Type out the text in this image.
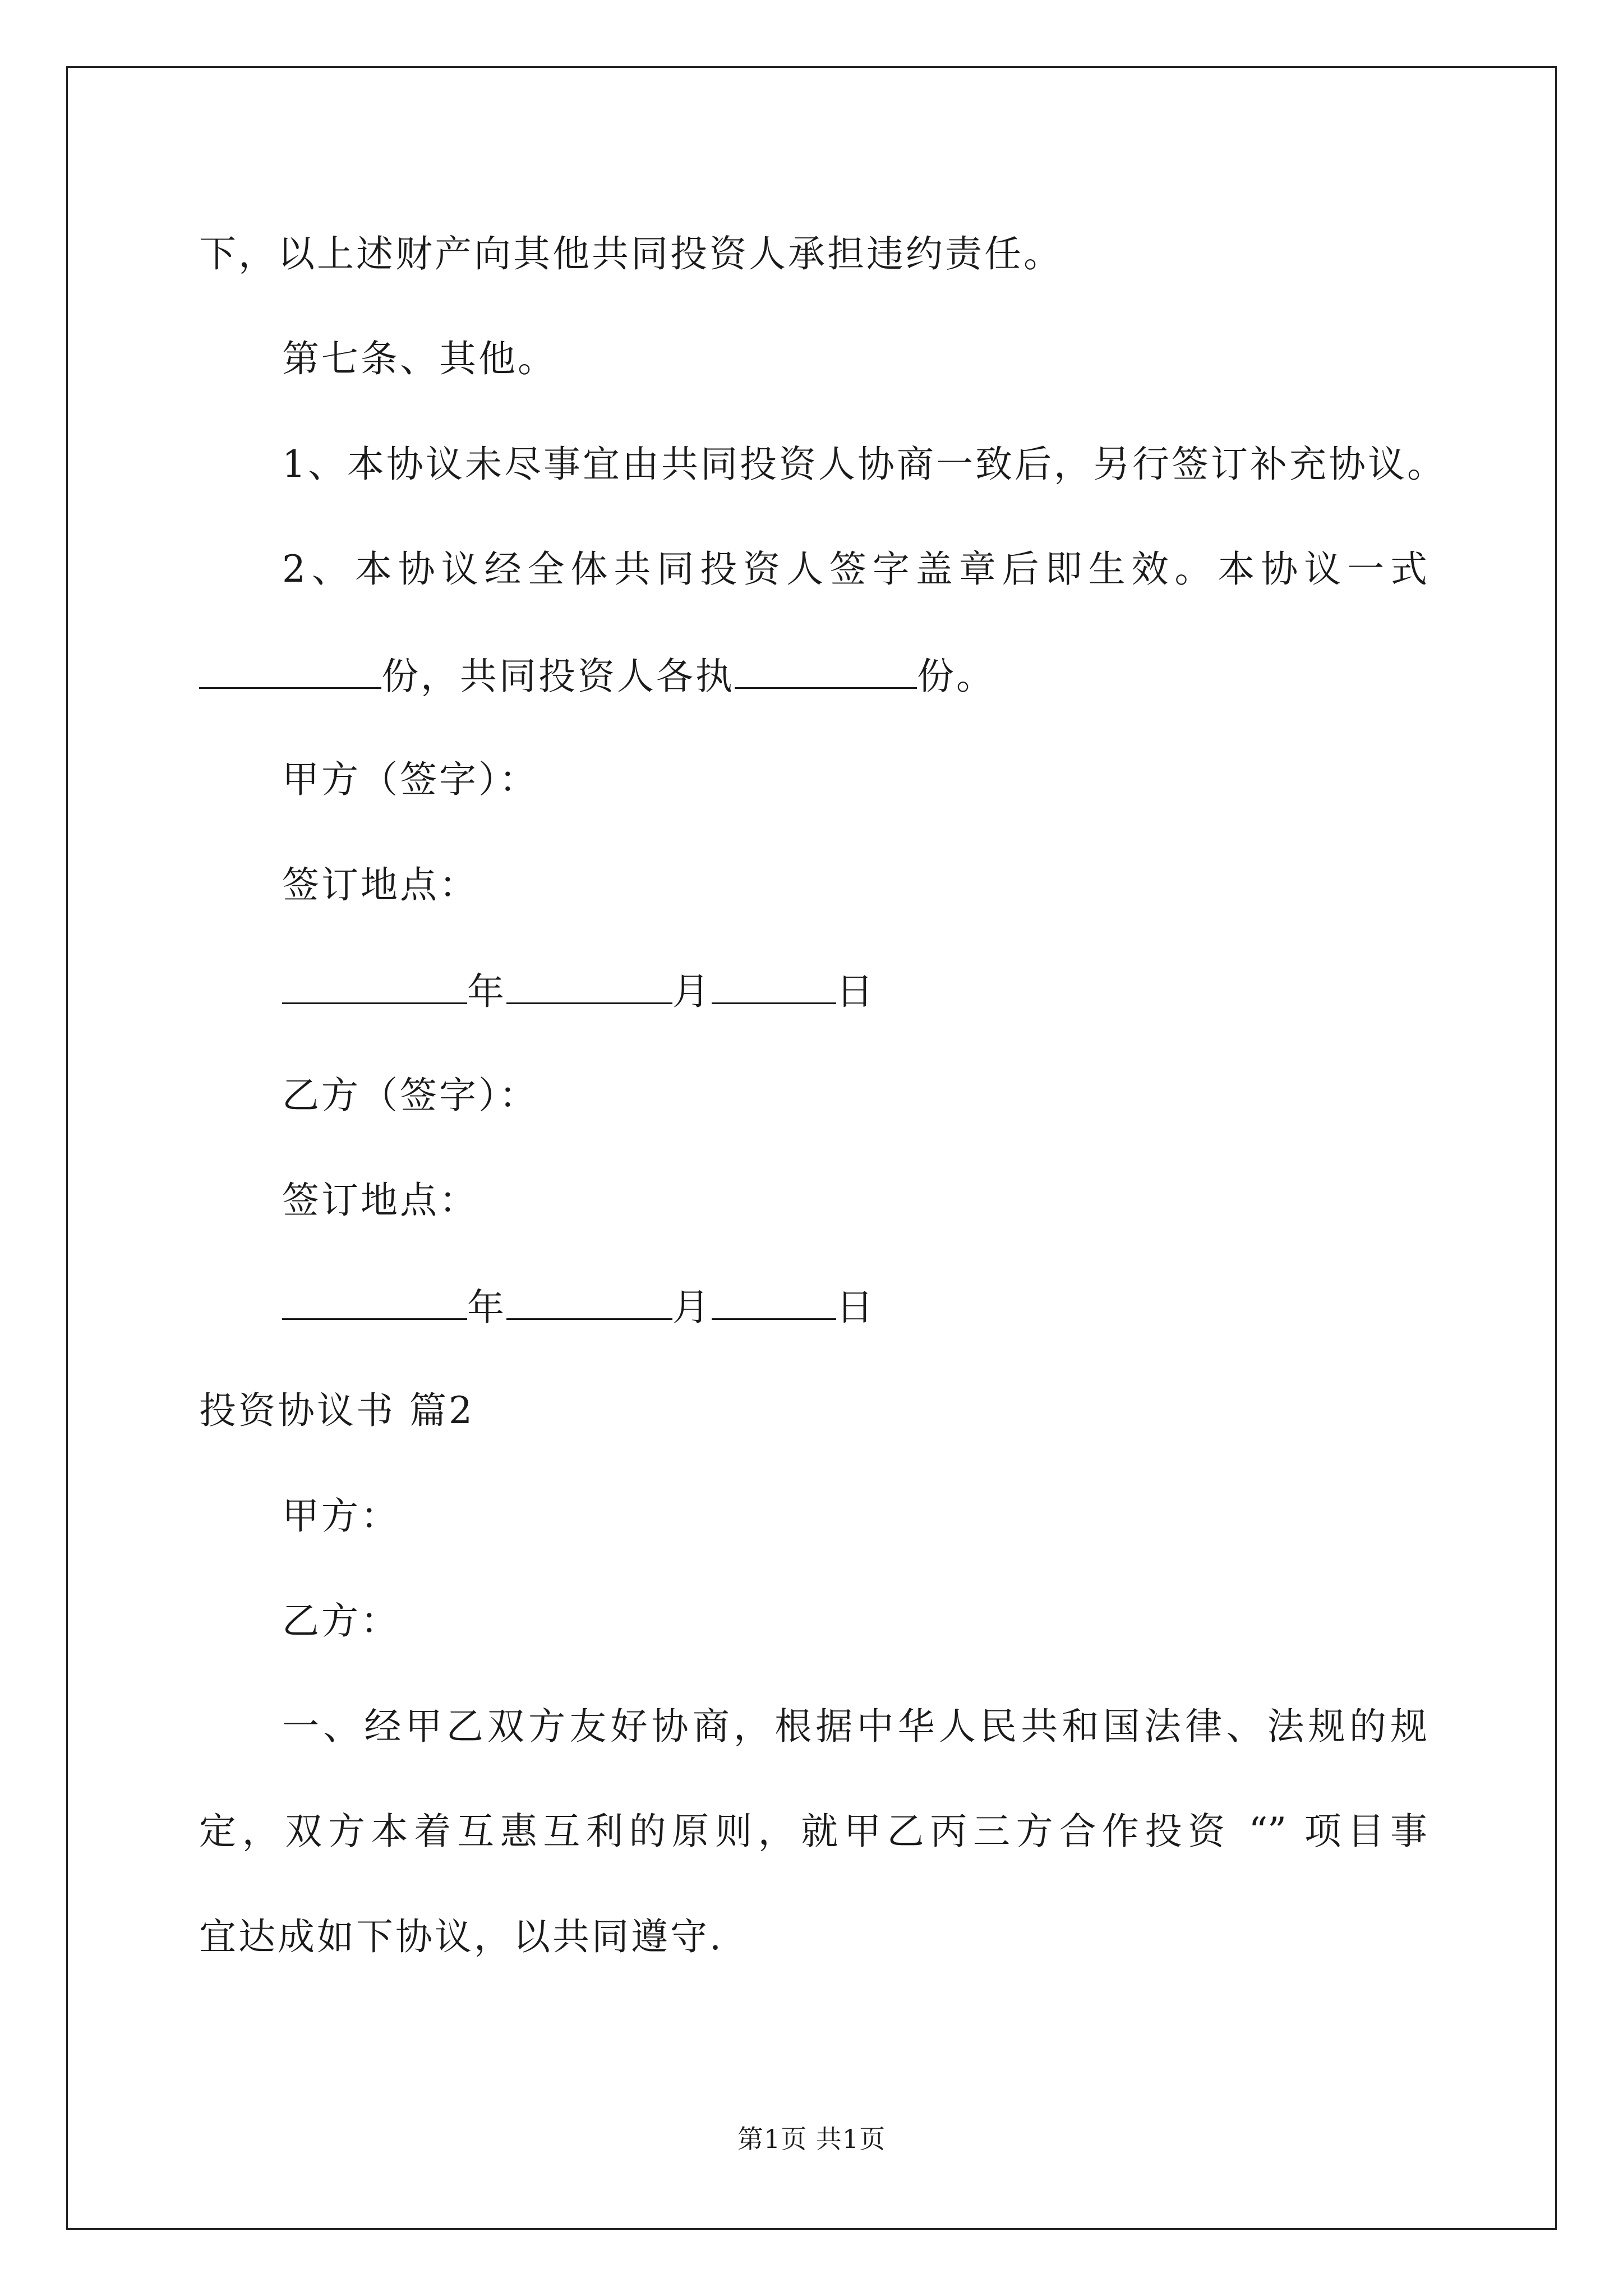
下，以上述财产向其他共同投资人承担违约责任。
第七条、其他。
1、本协议未尽事宜由共同投资人协商一致后，另行签订补充协议。
2、本协议经全体共同投资人签字盖章后即生效。本协议一式
份，共同投资人各执	份。
甲方（签字）：
签订地点：
年	月	日
乙方（签字）：
签订地点：
年	月	日
投资协议书 篇2
甲方：
乙方：
一、经甲乙双方友好协商，根据中华人民共和国法律、法规的规
定，双方本着互惠互利的原则，就甲乙丙三方合作投资 “” 项目事
宜达成如下协议，以共同遵守.
第1页 共1页
